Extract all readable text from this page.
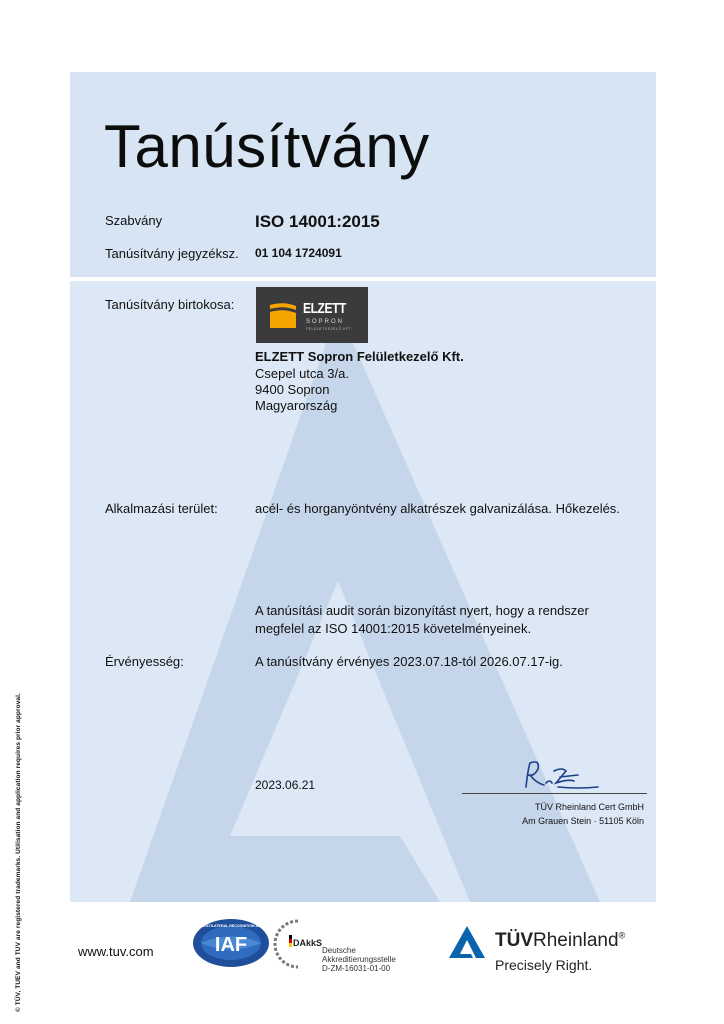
Tanúsítvány
Szabvány	ISO 14001:2015
Tanúsítvány jegyzéksz. 01 104 1724091
Tanúsítvány birtokosa:	ELZETT
SOPRON
FELÜLETKEZELŐ KFT.
ELZETT Sopron Felületkezelő Kft.
Csepel utca 3/a.
9400 Sopron
Magyarország
Alkalmazási terület:	acél- és horganyöntvény alkatrészek galvanizálása. Hőkezelés.
A tanúsítási audit során bizonyítást nyert, hogy a rendszer
megfelel az ISO 14001:2015 követelményeinek.
Érvényesség:	A tanúsítvány érvényes 2023.07.18-tól 2026.07.17-ig.
2023.06.21
TÜV Rheinland Cert GmbH
Am Grauen Stein · 51105 Köln
© TÜV, TUEV and TUV are registered trademarks. Utilisation and application requires prior approval.	www.tuv.com
MEMBER OF MULTILATERAL RECOGNITION ARRANGEMENT
IAF	DAkkS
Deutsche
Akkreditierungsstelle
D-ZM-16031-01-00
TÜVRheinland®
Precisely Right.
